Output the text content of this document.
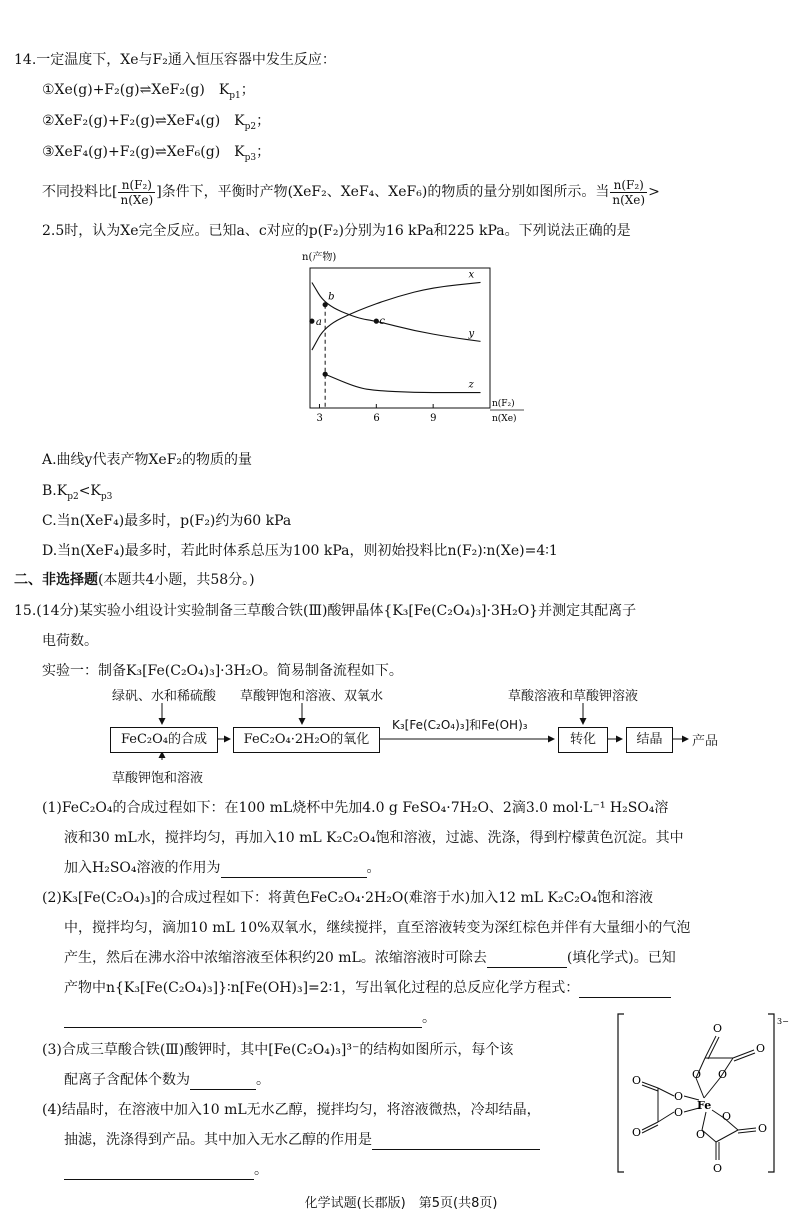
14.一定温度下，Xe与F₂通入恒压容器中发生反应：
①Xe(g)+F₂(g)⇌XeF₂(g)　$K_{p1}$；
②XeF₂(g)+F₂(g)⇌XeF₄(g)　$K_{p2}$；
③XeF₄(g)+F₂(g)⇌XeF₆(g)　$K_{p3}$；
不同投料比[ $\frac{\text{n(F₂)}}{n(Xe)}$ ]条件下，平衡时产物(XeF₂、XeF₄、XeF₆)的物质的量分别如图所示。当 $\frac{\text{n(F₂)}}{n(Xe)}$ >
2.5时，认为Xe完全反应。已知a、c对应的p(F₂)分别为16 kPa和225 kPa。下列说法正确的是
n(产物)
3	6	9
n(F₂)
n(Xe)
x
y
z
a
b
c
A.曲线y代表产物XeF₂的物质的量
$B.K_{p2}<K_{p3}$
C.当n(XeF₄)最多时，p(F₂)约为60 kPa
D.当n(XeF₄)最多时，若此时体系总压为100 kPa，则初始投料比n(F₂)∶n(Xe)=4∶1
二、非选择题(本题共4小题，共58分。)
15.(14分)某实验小组设计实验制备三草酸合铁(Ⅲ)酸钾晶体{K₃[Fe(C₂O₄)₃]·3H₂O}并测定其配离子
电荷数。
实验一：制备K₃[Fe(C₂O₄)₃]·3H₂O。简易制备流程如下。
绿矾、水和稀硫酸 草酸钾饱和溶液、双氧水	草酸溶液和草酸钾溶液
FeC₂O₄的合成	FeC₂O₄·2H₂O的氧化
K₃[Fe(C₂O₄)₃]和Fe(OH)₃
转化	结晶	产品
草酸钾饱和溶液
(1)FeC₂O₄的合成过程如下：在100 mL烧杯中先加4.0 g FeSO₄·7H₂O、2滴3.0 mol·L⁻¹ H₂SO₄溶
液和30 mL水，搅拌均匀，再加入10 mL K₂C₂O₄饱和溶液，过滤、洗涤，得到柠檬黄色沉淀。其中
加入H₂SO₄溶液的作用为	。
(2)K₃[Fe(C₂O₄)₃]的合成过程如下：将黄色FeC₂O₄·2H₂O(难溶于水)加入12 mL K₂C₂O₄饱和溶液
中，搅拌均匀，滴加10 mL 10%双氧水，继续搅拌，直至溶液转变为深红棕色并伴有大量细小的气泡
产生，然后在沸水浴中浓缩溶液至体积约20 mL。浓缩溶液时可除去	(填化学式)。已知
产物中n{K₃[Fe(C₂O₄)₃]}∶n[Fe(OH)₃]=2∶1，写出氧化过程的总反应化学方程式：
。
(3)合成三草酸合铁(Ⅲ)酸钾时，其中[Fe(C₂O₄)₃]³⁻的结构如图所示，每个该
配离子含配体个数为	。
(4)结晶时，在溶液中加入10 mL无水乙醇，搅拌均匀，将溶液微热，冷却结晶，
抽滤，洗涤得到产品。其中加入无水乙醇的作用是
。
3−
Fe
O
O
O O
O
O
O
O
O
O	O
O
化学试题(长郡版)　第5页(共8页)
